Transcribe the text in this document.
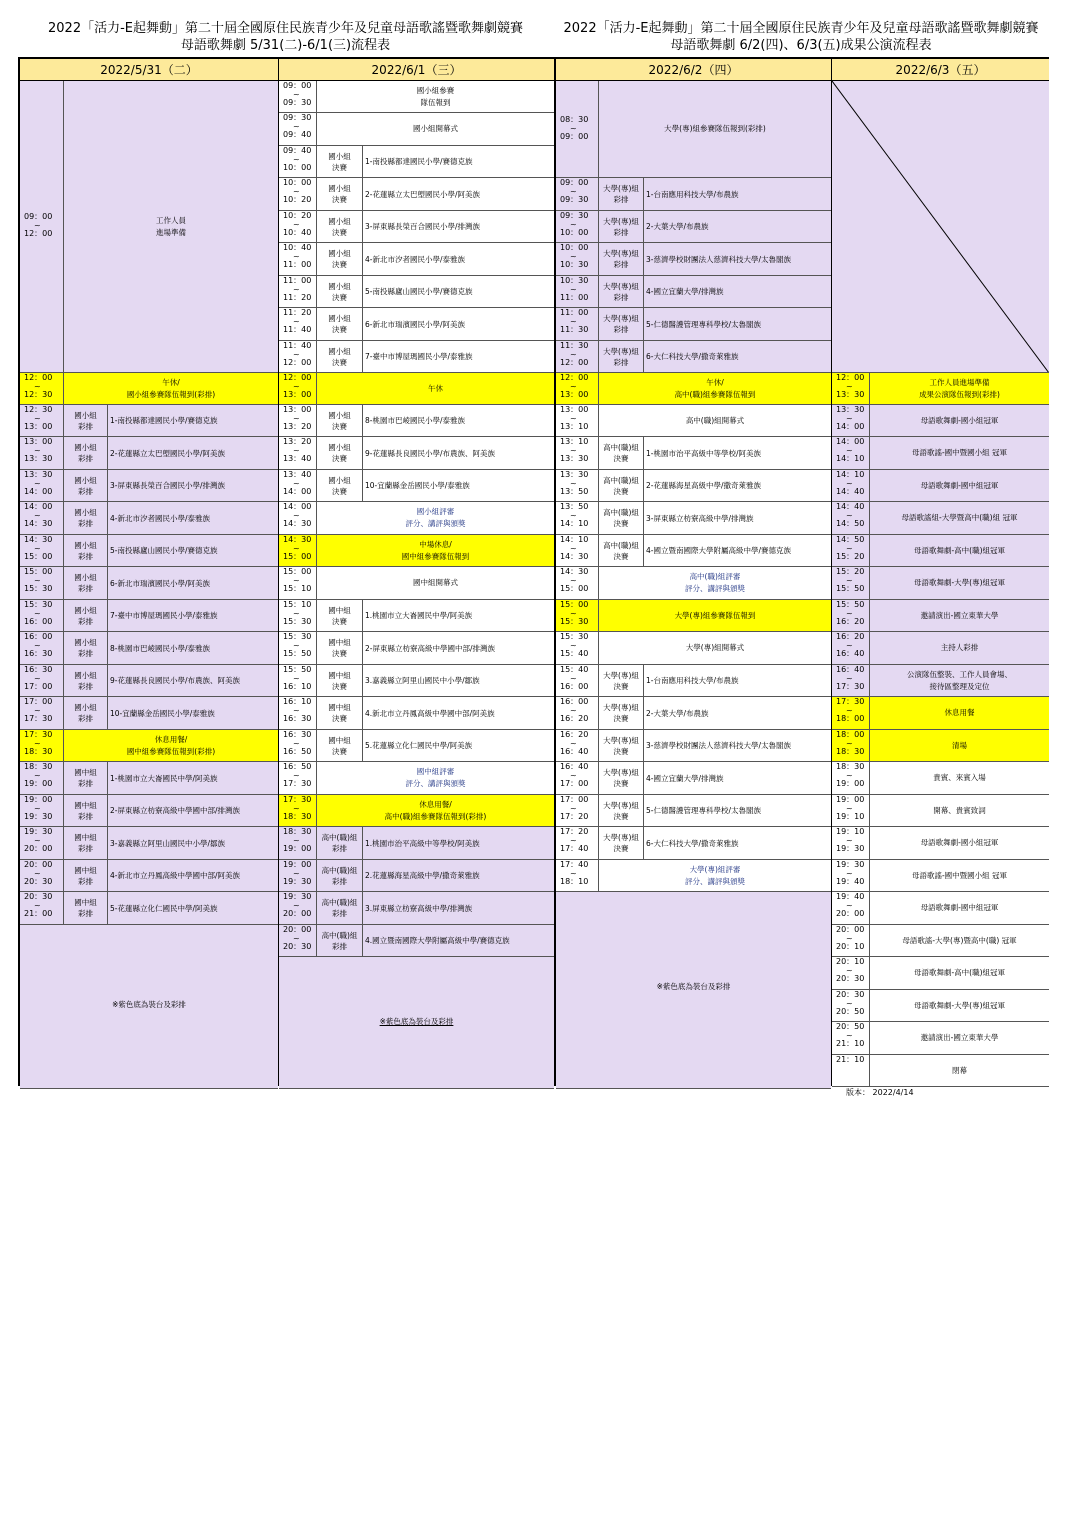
2022「活力-E起舞動」第二十屆全國原住民族青少年及兒童母語歌謠暨歌舞劇競賽
母語歌舞劇 5/31(二)-6/1(三)流程表
2022「活力-E起舞動」第二十屆全國原住民族青少年及兒童母語歌謠暨歌舞劇競賽
母語歌舞劇 6/2(四)、6/3(五)成果公演流程表
2022/5/31（二）
09：00
~
12：00
工作人員
進場準備
12：00
~
12：30
午休/
國小組參賽隊伍報到(彩排)
12：30
~
13：00
國小組
彩排
1-南投縣都達國民小學/賽德克族
13：00
~
13：30
國小組
彩排
2-花蓮縣立太巴塱國民小學/阿美族
13：30
~
14：00
國小組
彩排
3-屏東縣長榮百合國民小學/排灣族
14：00
~
14：30
國小組
彩排
4-新北市汐者國民小學/泰雅族
14：30
~
15：00
國小組
彩排
5-南投縣廬山國民小學/賽德克族
15：00
~
15：30
國小組
彩排
6-新北市瑞濱國民小學/阿美族
15：30
~
16：00
國小組
彩排
7-臺中市博屋瑪國民小學/泰雅族
16：00
~
16：30
國小組
彩排
8-桃園市巴崚國民小學/泰雅族
16：30
~
17：00
國小組
彩排
9-花蓮縣長良國民小學/布農族、阿美族
17：00
~
17：30
國小組
彩排
10-宜蘭縣金岳國民小學/泰雅族
17：30
~
18：30
休息用餐/
國中組參賽隊伍報到(彩排)
18：30
~
19：00
國中組
彩排
1-桃園市立大崙國民中學/阿美族
19：00
~
19：30
國中組
彩排
2-屏東縣立枋寮高級中學國中部/排灣族
19：30
~
20：00
國中組
彩排
3-嘉義縣立阿里山國民中小學/鄒族
20：00
~
20：30
國中組
彩排
4-新北市立丹鳳高級中學國中部/阿美族
20：30
~
21：00
國中組
彩排
5-花蓮縣立化仁國民中學/阿美族
※紫色底為裝台及彩排
2022/6/1（三）
09：00
~
09：30
國小組參賽
隊伍報到
09：30
~
09：40
國小組開幕式
09：40
~
10：00
國小組
決賽
1-南投縣都達國民小學/賽德克族
10：00
~
10：20
國小組
決賽
2-花蓮縣立太巴塱國民小學/阿美族
10：20
~
10：40
國小組
決賽
3-屏東縣長榮百合國民小學/排灣族
10：40
~
11：00
國小組
決賽
4-新北市汐者國民小學/泰雅族
11：00
~
11：20
國小組
決賽
5-南投縣廬山國民小學/賽德克族
11：20
~
11：40
國小組
決賽
6-新北市瑞濱國民小學/阿美族
11：40
~
12：00
國小組
決賽
7-臺中市博屋瑪國民小學/泰雅族
12：00
~
13：00
午休
13：00
~
13：20
國小組
決賽
8-桃園市巴崚國民小學/泰雅族
13：20
~
13：40
國小組
決賽
9-花蓮縣長良國民小學/布農族、阿美族
13：40
~
14：00
國小組
決賽
10-宜蘭縣金岳國民小學/泰雅族
14：00
~
14：30
國小組評審
評分、講評與頒獎
14：30
~
15：00
中場休息/
國中組參賽隊伍報到
15：00
~
15：10
國中組開幕式
15：10
~
15：30
國中組
決賽
1.桃園市立大崙國民中學/阿美族
15：30
~
15：50
國中組
決賽
2-屏東縣立枋寮高級中學國中部/排灣族
15：50
~
16：10
國中組
決賽
3.嘉義縣立阿里山國民中小學/鄒族
16：10
~
16：30
國中組
決賽
4.新北市立丹鳳高級中學國中部/阿美族
16：30
~
16：50
國中組
決賽
5.花蓮縣立化仁國民中學/阿美族
16：50
~
17：30
國中組評審
評分、講評與頒獎
17：30
~
18：30
休息用餐/
高中(職)組參賽隊伍報到(彩排)
18：30
~
19：00
高中(職)組
彩排
1.桃園市治平高級中等學校/阿美族
19：00
~
19：30
高中(職)組
彩排
2.花蓮縣海星高級中學/撒奇萊雅族
19：30
~
20：00
高中(職)組
彩排
3.屏東縣立枋寮高級中學/排灣族
20：00
~
20：30
高中(職)組
彩排
4.國立暨南國際大學附屬高級中學/賽德克族
※紫色底為裝台及彩排
2022/6/2（四）
08：30
~
09：00
大學(專)組參賽隊伍報到(彩排)
09：00
~
09：30
大學(專)組
彩排
1-台南應用科技大學/布農族
09：30
~
10：00
大學(專)組
彩排
2-大葉大學/布農族
10：00
~
10：30
大學(專)組
彩排
3-慈濟學校財團法人慈濟科技大學/太魯閣族
10：30
~
11：00
大學(專)組
彩排
4-國立宜蘭大學/排灣族
11：00
~
11：30
大學(專)組
彩排
5-仁德醫護管理專科學校/太魯閣族
11：30
~
12：00
大學(專)組
彩排
6-大仁科技大學/撒奇萊雅族
12：00
~
13：00
午休/
高中(職)組參賽隊伍報到
13：00
~
13：10
高中(職)組開幕式
13：10
~
13：30
高中(職)組
決賽
1-桃園市治平高級中等學校/阿美族
13：30
~
13：50
高中(職)組
決賽
2-花蓮縣海星高級中學/撒奇萊雅族
13：50
~
14：10
高中(職)組
決賽
3-屏東縣立枋寮高級中學/排灣族
14：10
~
14：30
高中(職)組
決賽
4-國立暨南國際大學附屬高級中學/賽德克族
14：30
~
15：00
高中(職)組評審
評分、講評與頒獎
15：00
~
15：30
大學(專)組參賽隊伍報到
15：30
~
15：40
大學(專)組開幕式
15：40
~
16：00
大學(專)組
決賽
1-台南應用科技大學/布農族
16：00
~
16：20
大學(專)組
決賽
2-大葉大學/布農族
16：20
~
16：40
大學(專)組
決賽
3-慈濟學校財團法人慈濟科技大學/太魯閣族
16：40
~
17：00
大學(專)組
決賽
4-國立宜蘭大學/排灣族
17：00
~
17：20
大學(專)組
決賽
5-仁德醫護管理專科學校/太魯閣族
17：20
~
17：40
大學(專)組
決賽
6-大仁科技大學/撒奇萊雅族
17：40
~
18：10
大學(專)組評審
評分、講評與頒獎
※紫色底為裝台及彩排
2022/6/3（五）
12：00
~
13：30
工作人員進場準備
成果公演隊伍報到(彩排)
13：30
~
14：00
母語歌舞劇-國小組冠軍
14：00
~
14：10
母語歌謠-國中暨國小組 冠軍
14：10
~
14：40
母語歌舞劇-國中組冠軍
14：40
~
14：50
母語歌謠組-大學暨高中(職)組 冠軍
14：50
~
15：20
母語歌舞劇-高中(職)組冠軍
15：20
~
15：50
母語歌舞劇-大學(專)組冠軍
15：50
~
16：20
邀請演出-國立東華大學
16：20
~
16：40
主持人彩排
16：40
~
17：30
公演隊伍整裝、工作人員會場、
接待區整理及定位
17：30
~
18：00
休息用餐
18：00
~
18：30
清場
18：30
~
19：00
貴賓、來賓入場
19：00
~
19：10
開幕、貴賓致詞
19：10
~
19：30
母語歌舞劇-國小組冠軍
19：30
~
19：40
母語歌謠-國中暨國小組 冠軍
19：40
~
20：00
母語歌舞劇-國中組冠軍
20：00
~
20：10
母語歌謠-大學(專)暨高中(職) 冠軍
20：10
~
20：30
母語歌舞劇-高中(職)組冠軍
20：30
~
20：50
母語歌舞劇-大學(專)組冠軍
20：50
~
21：10
邀請演出-國立東華大學
21：10
閉幕
版本： 2022/4/14
